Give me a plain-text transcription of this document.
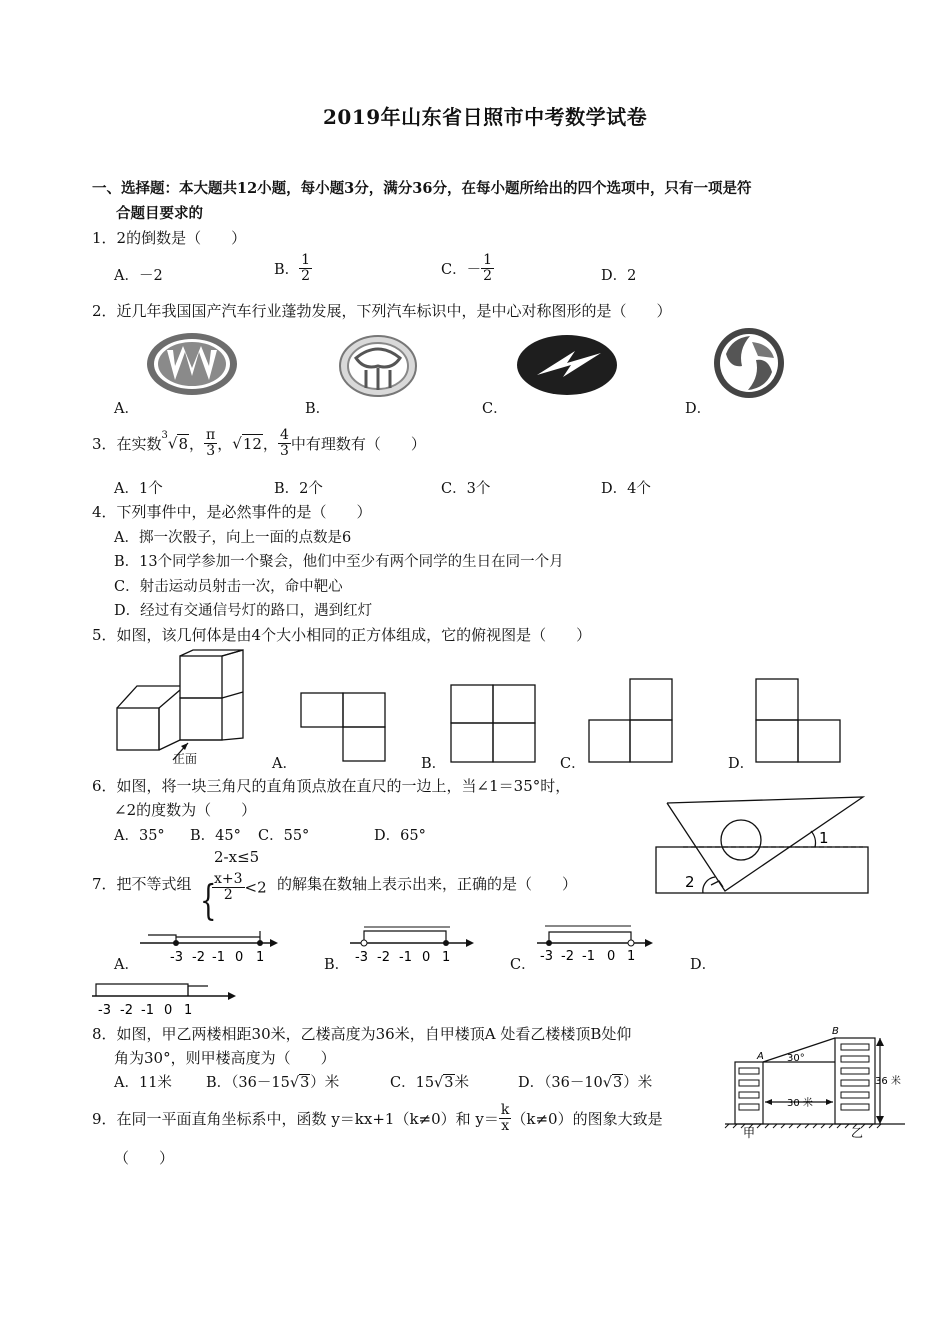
2019年山东省日照市中考数学试卷
一、选择题：本大题共12小题，每小题3分，满分36分，在每小题所给出的四个选项中，只有一项是符
合题目要求的
1．2的倒数是（　　）
A．－2	B． $\frac{1}{2}$	C．－ $\frac{1}{2}$	D．2
2．近几年我国国产汽车行业蓬勃发展，下列汽车标识中，是中心对称图形的是（　　）
A．	B．	C．	D．
3．在实数$^3$√8， $\frac{\pi}{3}$ ，√12， $\frac{4}{3}$ 中有理数有（　　）
A．1个	B．2个	C．3个	D．4个
4．下列事件中，是必然事件的是（　　）
A．掷一次骰子，向上一面的点数是6
B．13个同学参加一个聚会，他们中至少有两个同学的生日在同一个月
C．射击运动员射击一次，命中靶心
D．经过有交通信号灯的路口，遇到红灯
5．如图，该几何体是由4个大小相同的正方体组成，它的俯视图是（　　）
正面	A．	B．	C．	D．
6．如图，将一块三角尺的直角顶点放在直尺的一边上，当∠1＝35°时，
∠2的度数为（　　）
A．35° B．45° C．55°	D．65°	1
2
7．把不等式组 {
2-x≤5
$\frac{x+3}{2} <2$ 的解集在数轴上表示出来，正确的是（　　）
-3 -2 -1 0 1	-3 -2 -1 0 1	-3 -2 -1 0 1
-3 -2 -1 0 1
A．	B．	C．	D．
8．如图，甲乙两楼相距30米，乙楼高度为36米，自甲楼顶A 处看乙楼楼顶B处仰
角为30°，则甲楼高度为（　　）
A．11米 B．（36－15√3）米	C．15√3米	D．（36－10√3）米
A
B
30°
30 米
36 米
甲	乙
9．在同一平面直角坐标系中，函数 y＝kx+1（k≠0）和 $y= \frac{k}{x} (k\ne 0)$的图象大致是
（　　）
